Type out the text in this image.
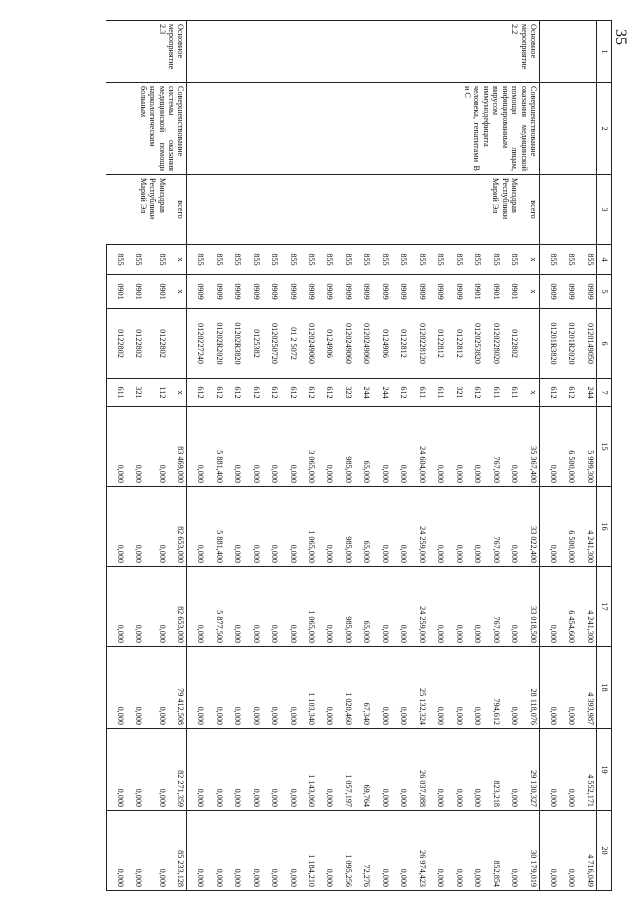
35
1	2	3	4	5	6	7	15	16	17	18	19	20
			855	0909	0120149050	244	5 999,300	4 241,300	4 241,300	4 393,987	4 552,171	4 716,049
			855	0909	01201R2020	612	6 500,000	6 500,000	6 454,600	0,000	0,000	0,000
			855	0909	01201R3820	612	0,000	0,000	0,000	0,000	0,000	0,000
Основное мероприятие 2.2	Совершенствование оказания медицинской помощи лицам, инфицированным вирусом иммунодефицита человека, гепатитами В и С	всего	х	х		х	35 367,400	33 022,400	33 018,500	28 118,076	29 130,327	30 179,019
		Минздрав Республики Марий Эл	855	0901	0122802	611	0,000	0,000	0,000	0,000	0,000	0,000
			855	0901	0120228020	611	767,000	767,000	767,000	794,612	823,218	852,854
			855	0901	0120253820	612	0,000	0,000	0,000	0,000	0,000	0,000
			855	0909	0122812	321	0,000	0,000	0,000	0,000	0,000	0,000
			855	0909	0122812	611	0,000	0,000	0,000	0,000	0,000	0,000
			855	0909	0120228120	611	24 604,000	24 259,000	24 259,000	25 132,324	26 037,088	26 974,423
			855	0909	0122812	612	0,000	0,000	0,000	0,000	0,000	0,000
			855	0909	0124906	244	0,000	0,000	0,000	0,000	0,000	0,000
			855	0909	0120249060	244	65,000	65,000	65,000	67,340	69,764	72,276
			855	0909	0120249060	323	985,000	985,000	985,000	1 020,460	1 057,197	1 095,256
			855	0909	0124906	612	0,000	0,000	0,000	0,000	0,000	0,000
			855	0909	0120249060	612	3 065,000	1 065,000	1 065,000	1 103,340	1 143,060	1 184,210
			855	0909	01 2 5072	612	0,000	0,000	0,000	0,000	0,000	0,000
			855	0909	0120250720	612	0,000	0,000	0,000	0,000	0,000	0,000
			855	0909	0125382	612	0,000	0,000	0,000	0,000	0,000	0,000
			855	0909	01202R3820	612	0,000	0,000	0,000	0,000	0,000	0,000
			855	0909	01202R2020	612	5 881,400	5 881,400	5 877,500	0,000	0,000	0,000
			855	0909	0120227240	612	0,000	0,000	0,000	0,000	0,000	0,000
Основное мероприятие 2.3	Совершенствование системы оказания медицинской помощи наркологическим больным	всего	х	х		х	83 469,000	82 653,000	82 653,000	79 412,508	82 271,359	85 233,128
		Минздрав Республики Марий Эл	855	0901	0122802	112	0,000	0,000	0,000	0,000	0,000	0,000
			855	0901	0122802	321	0,000	0,000	0,000	0,000	0,000	0,000
			855	0901	0122802	611	0,000	0,000	0,000	0,000	0,000	0,000
